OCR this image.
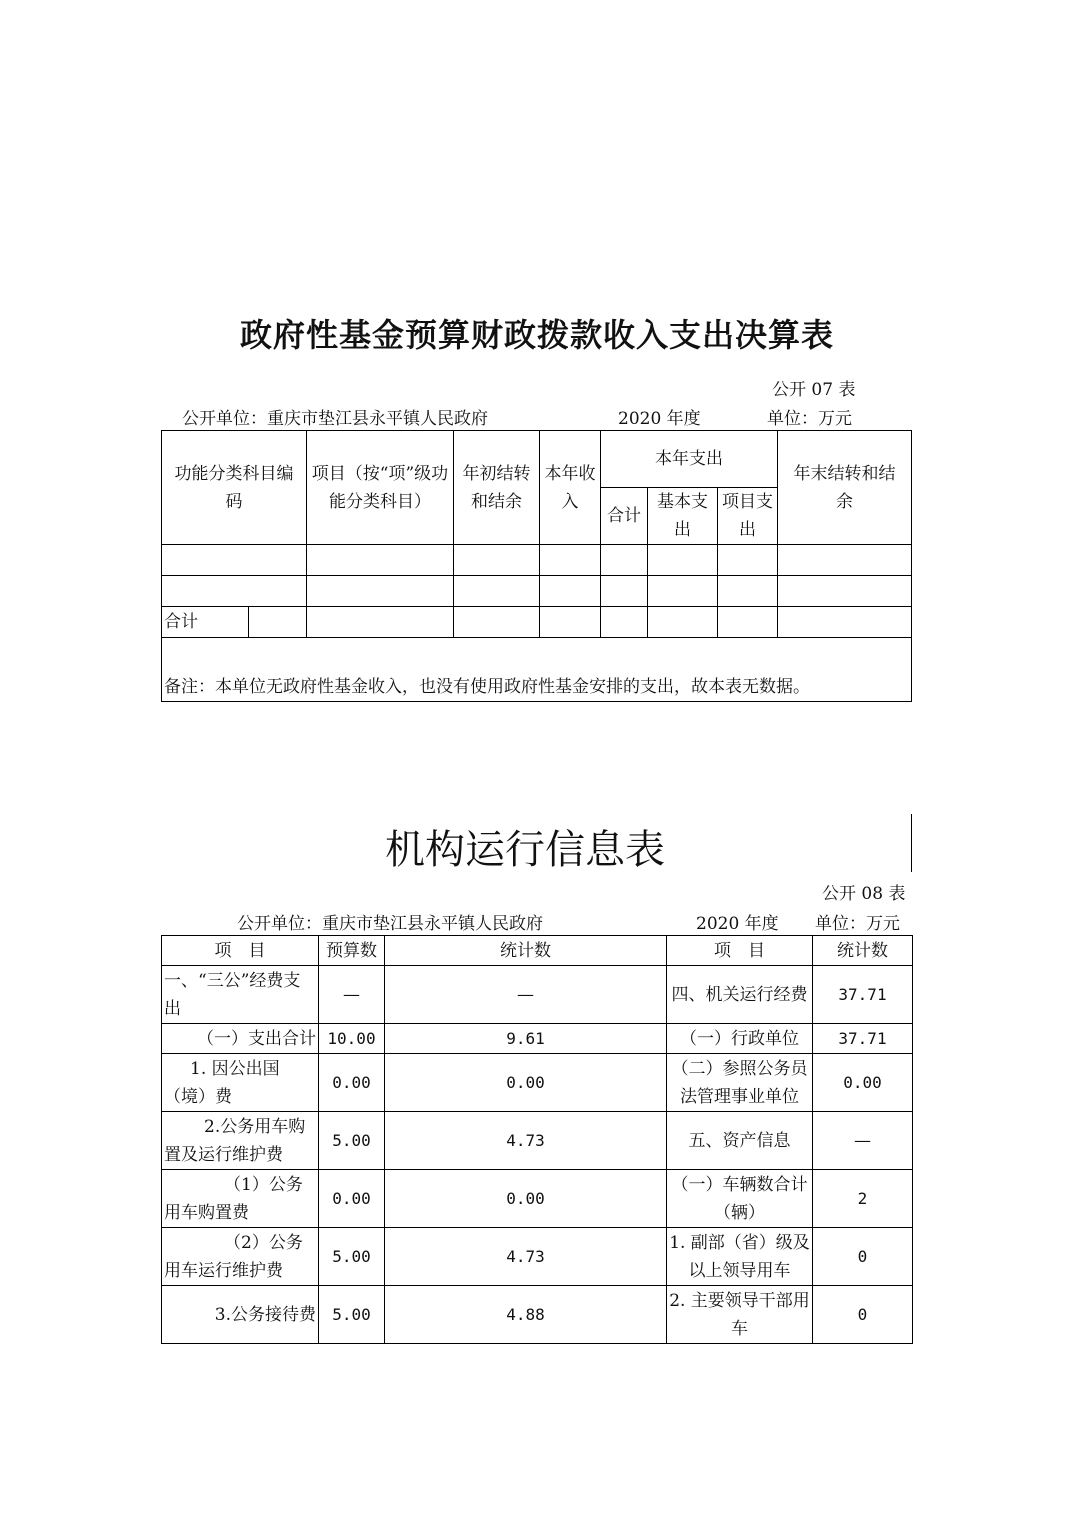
政府性基金预算财政拨款收入支出决算表
公开 07 表
公开单位：重庆市垫江县永平镇人民政府	2020 年度	单位：万元
功能分类科目编码		项目（按“项”级功能分类科目）	年初结转和结余	本年收入	本年支出			年末结转和结余
					合计	基本支出	项目支出	

合计								
备注：本单位无政府性基金收入，也没有使用政府性基金安排的支出，故本表无数据。								
机构运行信息表
公开 08 表
公开单位：重庆市垫江县永平镇人民政府	2020 年度 单位：万元
项　目	预算数	统计数	项　目	统计数
一、“三公”经费支出	—	—	四、机关运行经费	37.71
（一）支出合计	10.00	9.61	（一）行政单位	37.71
1. 因公出国（境）费	0.00	0.00	（二）参照公务员法管理事业单位	0.00
2.公务用车购置及运行维护费	5.00	4.73	五、资产信息	—
（1）公务用车购置费	0.00	0.00	（一）车辆数合计（辆）	2
（2）公务用车运行维护费	5.00	4.73	1. 副部（省）级及以上领导用车	0
3.公务接待费	5.00	4.88	2. 主要领导干部用车	0
